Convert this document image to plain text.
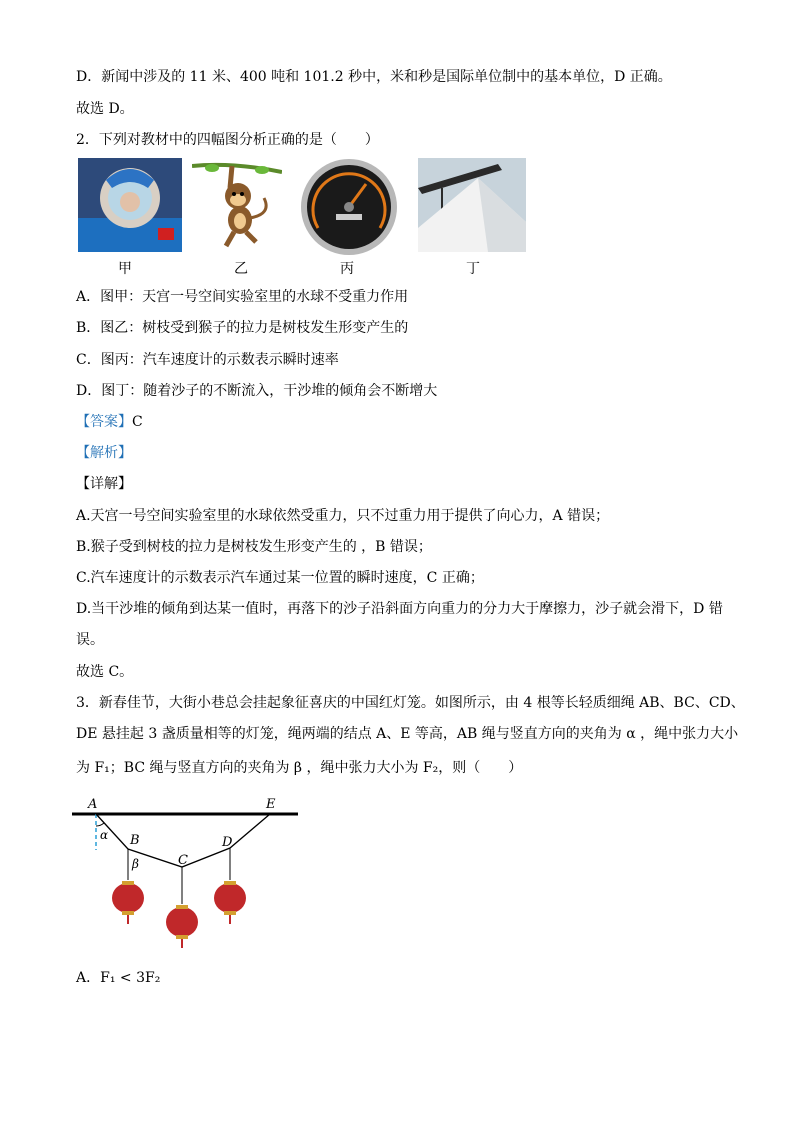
D．新闻中涉及的 11 米、400 吨和 101.2 秒中，米和秒是国际单位制中的基本单位，D 正确。
故选 D。
2．下列对教材中的四幅图分析正确的是（　　）
甲	乙	丙	丁
A．图甲：天宫一号空间实验室里的水球不受重力作用
B．图乙：树枝受到猴子的拉力是树枝发生形变产生的
C．图丙：汽车速度计的示数表示瞬时速率
D．图丁：随着沙子的不断流入，干沙堆的倾角会不断增大
【答案】C
【解析】
【详解】
A.天宫一号空间实验室里的水球依然受重力，只不过重力用于提供了向心力，A 错误；
B.猴子受到树枝的拉力是树枝发生形变产生的 ，B 错误；
C.汽车速度计的示数表示汽车通过某一位置的瞬时速度，C 正确；
D.当干沙堆的倾角到达某一值时，再落下的沙子沿斜面方向重力的分力大于摩擦力，沙子就会滑下，D 错
误。
故选 C。
3．新春佳节，大街小巷总会挂起象征喜庆的中国红灯笼。如图所示，由 4 根等长轻质细绳 AB、BC、CD、
DE 悬挂起 3 盏质量相等的灯笼，绳两端的结点 A、E 等高，AB 绳与竖直方向的夹角为 α ，绳中张力大小
为 F₁；BC 绳与竖直方向的夹角为 β ，绳中张力大小为 F₂，则（　　）
A
B
C
D
E
α
β
A．F₁ < 3F₂
